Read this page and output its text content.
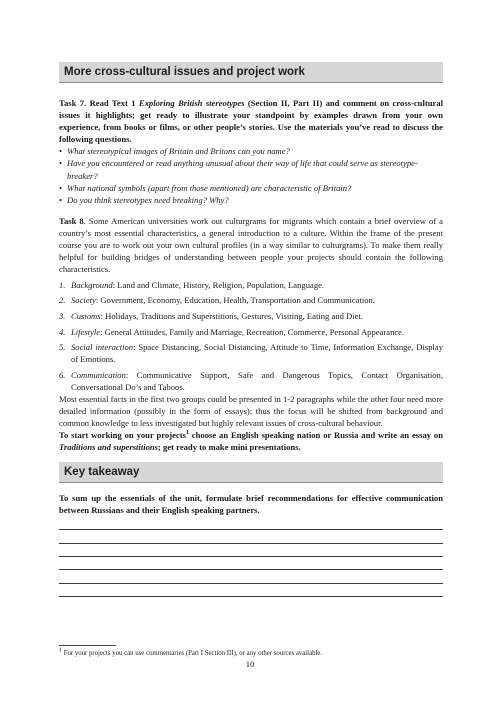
More cross-cultural issues and project work

Task 7. Read Text 1 Exploring British stereotypes (Section II, Part II) and comment on cross-cultural issues it highlights; get ready to illustrate your standpoint by examples drawn from your own experience, from books or films, or other people’s stories. Use the materials you’ve read to discuss the following questions.

• What stereotypical images of Britain and Britons can you name?
• Have you encountered or read anything unusual about their way of life that could serve as stereotype-breaker?
• What national symbols (apart from those mentioned) are characteristic of Britain?
• Do you think stereotypes need breaking? Why?

Task 8. Some American universities work out culturgrams for migrants which contain a brief overview of a country’s most essential characteristics, a general introduction to a culture. Within the frame of the present course you are to work out your own cultural profiles (in a way similar to culturgrams). To make them really helpful for building bridges of understanding between people your projects should contain the following characteristics.

1. Background: Land and Climate, History, Religion, Population, Language.
2. Society: Government, Economy, Education, Health, Transportation and Communication.
3. Customs: Holidays, Traditions and Superstitions, Gestures, Visiting, Eating and Diet.
4. Lifestyle: General Attitudes, Family and Marriage, Recreation, Commerce, Personal Appearance.
5. Social interaction: Space Distancing, Social Distancing, Attitude to Time, Information Exchange, Display of Emotions.
6. Communication: Communicative Support, Safe and Dangerous Topics, Contact Organisation, Conversational Do’s and Taboos.

Most essential facts in the first two groups could be presented in 1-2 paragraphs while the other four need more detailed information (possibly in the form of essays); thus the focus will be shifted from background and common knowledge to less investigated but highly relevant issues of cross-cultural behaviour.

To start working on your projects$^1$ choose an English speaking nation or Russia and write an essay on Traditions and superstitions; get ready to make mini presentations.

Key takeaway

To sum up the essentials of the unit, formulate brief recommendations for effective communication between Russians and their English speaking partners.

$^1$ For your projects you can use commentaries (Part I Section III), or any other sources available.
10
